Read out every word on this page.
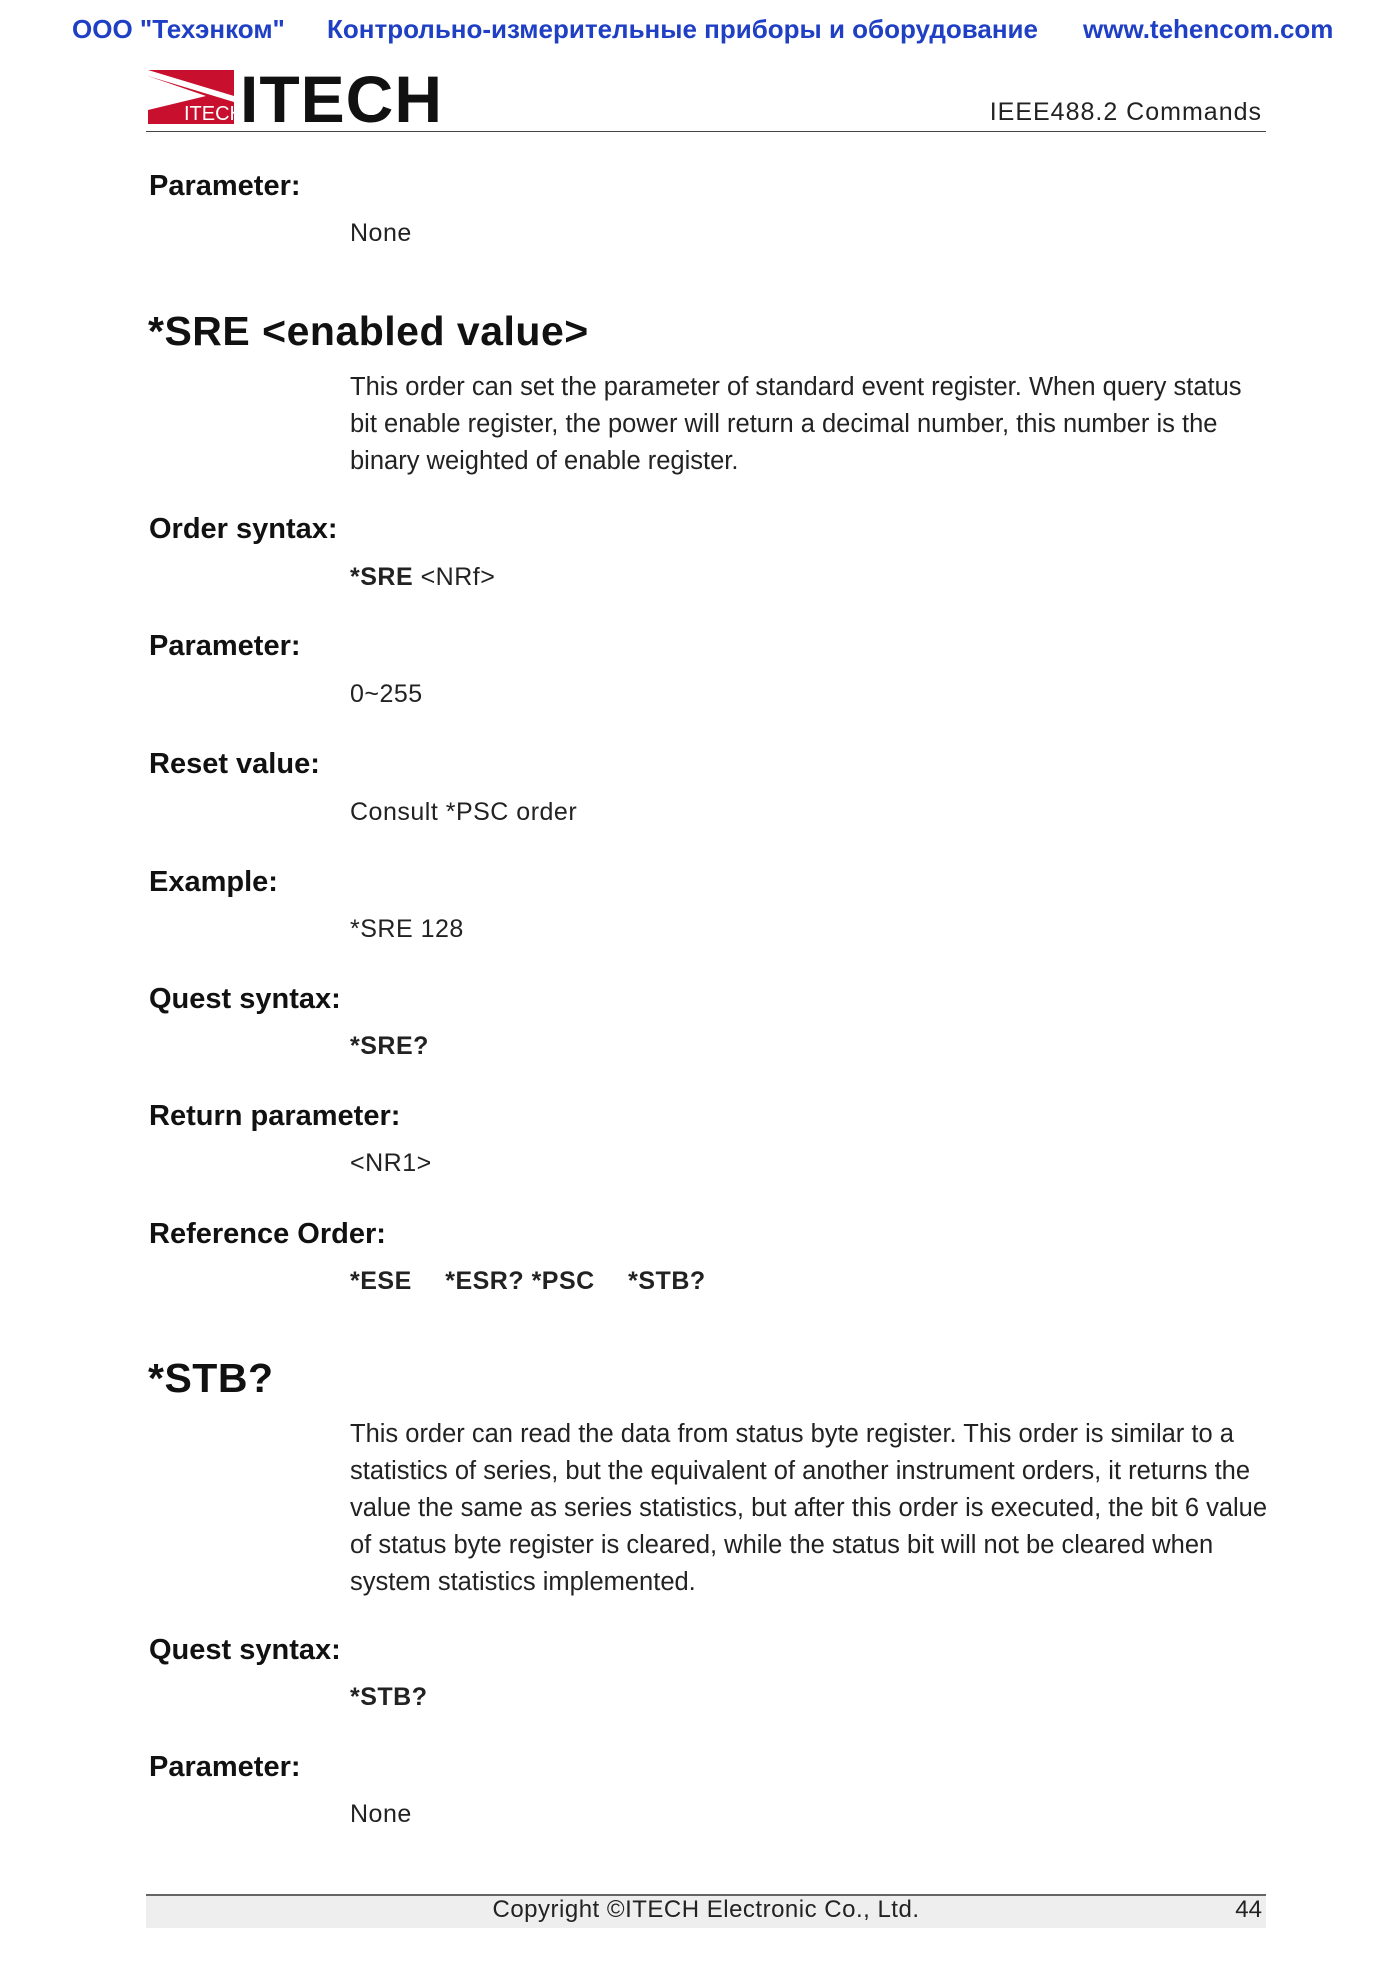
ООО "Техэнком" Контрольно-измерительные приборы и оборудование www.tehencom.com
ITECH
ITECH	IEEE488.2 Commands
Parameter:
None
*SRE <enabled value>

This order can set the parameter of standard event register. When query status bit enable register, the power will return a decimal number, this number is the binary weighted of enable register.

Order syntax:
*SRE <NRf>
Parameter:
0~255
Reset value:
Consult *PSC order
Example:
*SRE 128
Quest syntax:
*SRE?
Return parameter:
<NR1>
Reference Order:
*ESE *ESR? *PSC *STB?
*STB?

This order can read the data from status byte register. This order is similar to a statistics of series, but the equivalent of another instrument orders, it returns the value the same as series statistics, but after this order is executed, the bit 6 value of status byte register is cleared, while the status bit will not be cleared when system statistics implemented.

Quest syntax:
*STB?
Parameter:
None
Copyright ©ITECH Electronic Co., Ltd.	44
